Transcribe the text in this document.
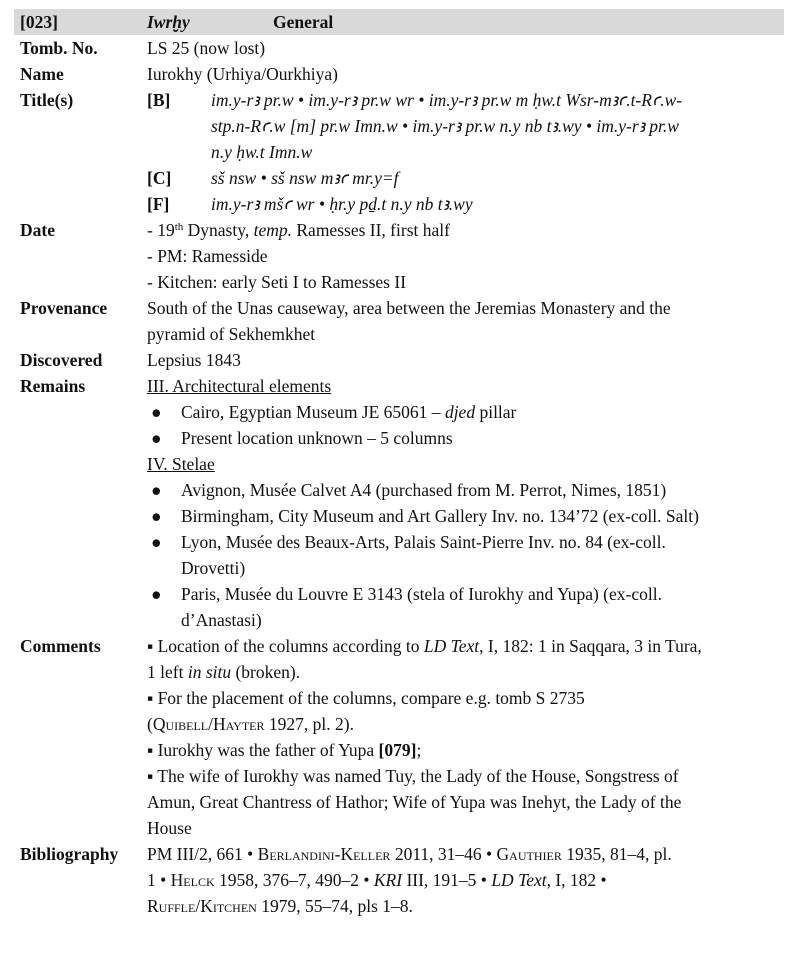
[023]	Iwrḫy	General
Tomb. No.	LS 25 (now lost)
Name	Iurokhy (Urhiya/Ourkhiya)
Title(s)	[B]	im.y-rꜣ pr.w • im.y-rꜣ pr.w wr • im.y-rꜣ pr.w m ḥw.t Wsr-mꜣꜥ.t-Rꜥ.w-
stp.n-Rꜥ.w [m] pr.w Imn.w • im.y-rꜣ pr.w n.y nb tꜣ.wy • im.y-rꜣ pr.w
n.y ḥw.t Imn.w
[C]	sš nsw • sš nsw mꜣꜥ mr.y=f
[F]	im.y-rꜣ mšꜥ wr • ḥr.y pḏ.t n.y nb tꜣ.wy
Date	- 19th Dynasty, temp. Ramesses II, first half
- PM: Ramesside
- Kitchen: early Seti I to Ramesses II
Provenance	South of the Unas causeway, area between the Jeremias Monastery and the
pyramid of Sekhemkhet
Discovered	Lepsius 1843
Remains	III. Architectural elements
●	Cairo, Egyptian Museum JE 65061 – djed pillar
●	Present location unknown – 5 columns
IV. Stelae
●	Avignon, Musée Calvet A4 (purchased from M. Perrot, Nimes, 1851)
●	Birmingham, City Museum and Art Gallery Inv. no. 134’72 (ex-coll. Salt)
●	Lyon, Musée des Beaux-Arts, Palais Saint-Pierre Inv. no. 84 (ex-coll.
Drovetti)
●	Paris, Musée du Louvre E 3143 (stela of Iurokhy and Yupa) (ex-coll.
d’Anastasi)
Comments	▪ Location of the columns according to LD Text, I, 182: 1 in Saqqara, 3 in Tura,
1 left in situ (broken).
▪ For the placement of the columns, compare e.g. tomb S 2735
(Quibell/Hayter 1927, pl. 2).
▪ Iurokhy was the father of Yupa [079];
▪ The wife of Iurokhy was named Tuy, the Lady of the House, Songstress of
Amun, Great Chantress of Hathor; Wife of Yupa was Inehyt, the Lady of the
House
Bibliography	PM III/2, 661 • Berlandini-Keller 2011, 31–46 • Gauthier 1935, 81–4, pl.
1 • Helck 1958, 376–7, 490–2 • KRI III, 191–5 • LD Text, I, 182 •
Ruffle/Kitchen 1979, 55–74, pls 1–8.
